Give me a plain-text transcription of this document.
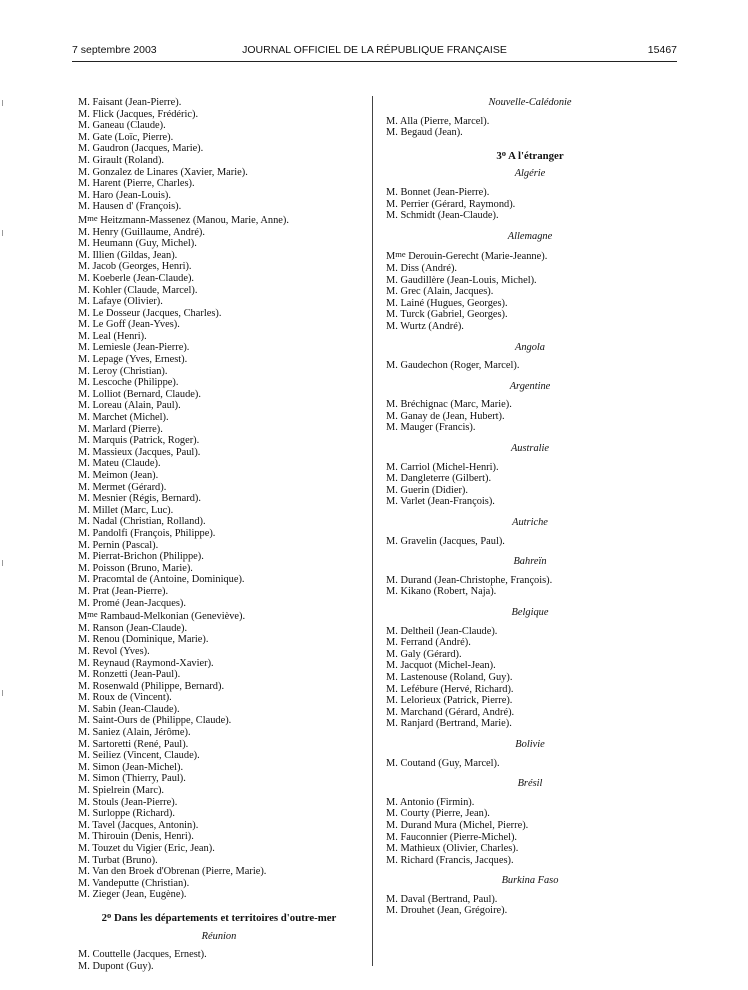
7 septembre 2003	JOURNAL OFFICIEL DE LA RÉPUBLIQUE FRANÇAISE	15467
M. Faisant (Jean-Pierre).
M. Flick (Jacques, Frédéric).
M. Ganeau (Claude).
M. Gate (Loïc, Pierre).
M. Gaudron (Jacques, Marie).
M. Girault (Roland).
M. Gonzalez de Linares (Xavier, Marie).
M. Harent (Pierre, Charles).
M. Haro (Jean-Louis).
M. Hausen d' (François).
Mme Heitzmann-Massenez (Manou, Marie, Anne).
M. Henry (Guillaume, André).
M. Heumann (Guy, Michel).
M. Illien (Gildas, Jean).
M. Jacob (Georges, Henri).
M. Koeberle (Jean-Claude).
M. Kohler (Claude, Marcel).
M. Lafaye (Olivier).
M. Le Dosseur (Jacques, Charles).
M. Le Goff (Jean-Yves).
M. Leal (Henri).
M. Lemiesle (Jean-Pierre).
M. Lepage (Yves, Ernest).
M. Leroy (Christian).
M. Lescoche (Philippe).
M. Lolliot (Bernard, Claude).
M. Loreau (Alain, Paul).
M. Marchet (Michel).
M. Marlard (Pierre).
M. Marquis (Patrick, Roger).
M. Massieux (Jacques, Paul).
M. Mateu (Claude).
M. Meimon (Jean).
M. Mermet (Gérard).
M. Mesnier (Régis, Bernard).
M. Millet (Marc, Luc).
M. Nadal (Christian, Rolland).
M. Pandolfi (François, Philippe).
M. Pernin (Pascal).
M. Pierrat-Brichon (Philippe).
M. Poisson (Bruno, Marie).
M. Pracomtal de (Antoine, Dominique).
M. Prat (Jean-Pierre).
M. Promé (Jean-Jacques).
Mme Rambaud-Melkonian (Geneviève).
M. Ranson (Jean-Claude).
M. Renou (Dominique, Marie).
M. Revol (Yves).
M. Reynaud (Raymond-Xavier).
M. Ronzetti (Jean-Paul).
M. Rosenwald (Philippe, Bernard).
M. Roux de (Vincent).
M. Sabin (Jean-Claude).
M. Saint-Ours de (Philippe, Claude).
M. Saniez (Alain, Jérôme).
M. Sartoretti (René, Paul).
M. Seiliez (Vincent, Claude).
M. Simon (Jean-Michel).
M. Simon (Thierry, Paul).
M. Spielrein (Marc).
M. Stouls (Jean-Pierre).
M. Surloppe (Richard).
M. Tavel (Jacques, Antonin).
M. Thirouin (Denis, Henri).
M. Touzet du Vigier (Eric, Jean).
M. Turbat (Bruno).
M. Van den Broek d'Obrenan (Pierre, Marie).
M. Vandeputte (Christian).
M. Zieger (Jean, Eugène).
2$^o$ Dans les départements et territoires d'outre-mer
Réunion
M. Couttelle (Jacques, Ernest).
M. Dupont (Guy).
Nouvelle-Calédonie
M. Alla (Pierre, Marcel).
M. Begaud (Jean).
3$^o$ A l'étranger
Algérie
M. Bonnet (Jean-Pierre).
M. Perrier (Gérard, Raymond).
M. Schmidt (Jean-Claude).
Allemagne
Mme Derouin-Gerecht (Marie-Jeanne).
M. Diss (André).
M. Gaudillère (Jean-Louis, Michel).
M. Grec (Alain, Jacques).
M. Lainé (Hugues, Georges).
M. Turck (Gabriel, Georges).
M. Wurtz (André).
Angola
M. Gaudechon (Roger, Marcel).
Argentine
M. Bréchignac (Marc, Marie).
M. Ganay de (Jean, Hubert).
M. Mauger (Francis).
Australie
M. Carriol (Michel-Henri).
M. Dangleterre (Gilbert).
M. Guerin (Didier).
M. Varlet (Jean-François).
Autriche
M. Gravelin (Jacques, Paul).
Bahreïn
M. Durand (Jean-Christophe, François).
M. Kikano (Robert, Naja).
Belgique
M. Deltheil (Jean-Claude).
M. Ferrand (André).
M. Galy (Gérard).
M. Jacquot (Michel-Jean).
M. Lastenouse (Roland, Guy).
M. Lefébure (Hervé, Richard).
M. Lelorieux (Patrick, Pierre).
M. Marchand (Gérard, André).
M. Ranjard (Bertrand, Marie).
Bolivie
M. Coutand (Guy, Marcel).
Brésil
M. Antonio (Firmin).
M. Courty (Pierre, Jean).
M. Durand Mura (Michel, Pierre).
M. Fauconnier (Pierre-Michel).
M. Mathieux (Olivier, Charles).
M. Richard (Francis, Jacques).
Burkina Faso
M. Daval (Bertrand, Paul).
M. Drouhet (Jean, Grégoire).
